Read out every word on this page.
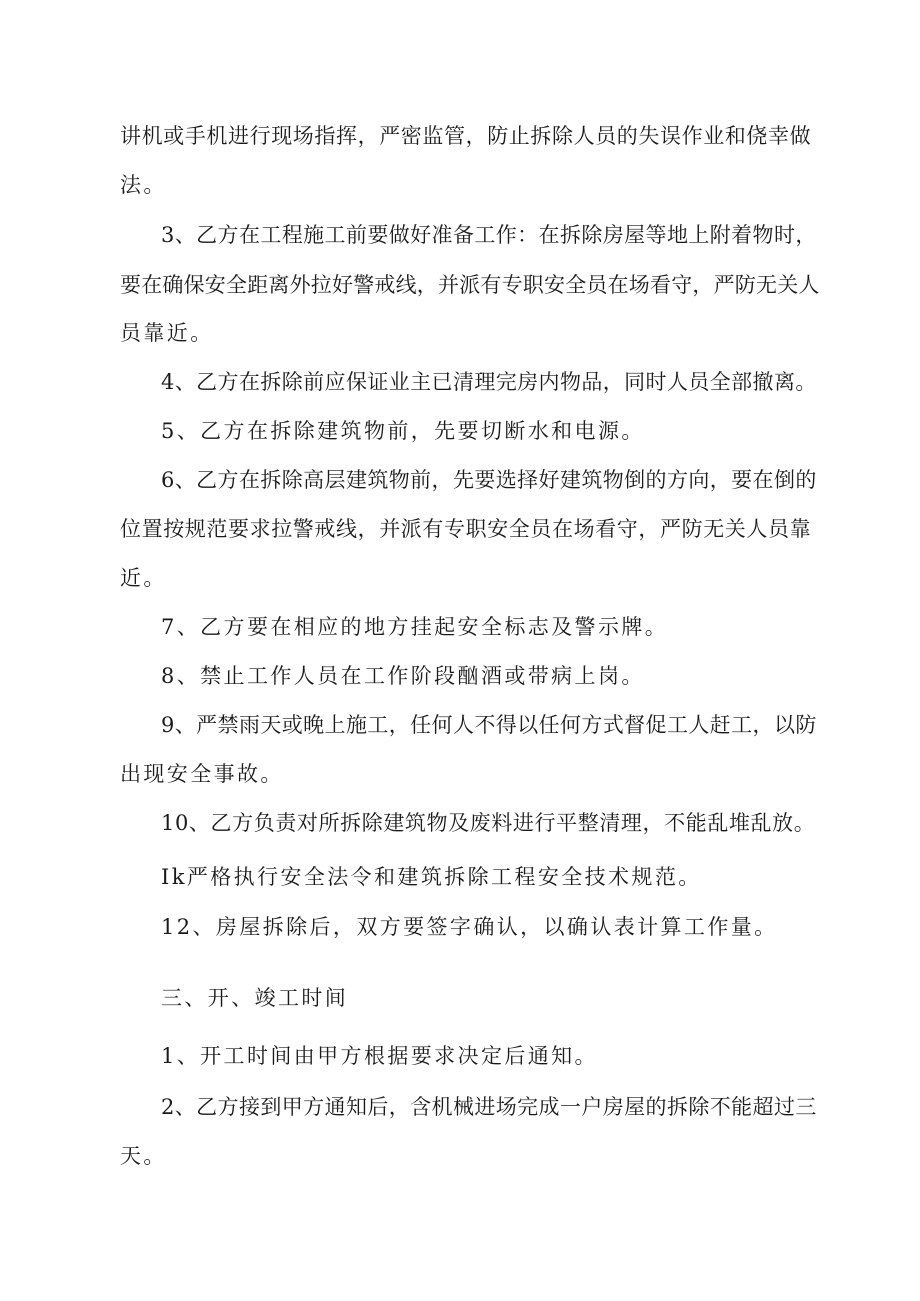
讲机或手机进行现场指挥，严密监管，防止拆除人员的失误作业和侥幸做
法。
3、乙方在工程施工前要做好准备工作：在拆除房屋等地上附着物时，
要在确保安全距离外拉好警戒线，并派有专职安全员在场看守，严防无关人
员靠近。
4、乙方在拆除前应保证业主已清理完房内物品，同时人员全部撤离。
5、乙方在拆除建筑物前，先要切断水和电源。
6、乙方在拆除高层建筑物前，先要选择好建筑物倒的方向，要在倒的
位置按规范要求拉警戒线，并派有专职安全员在场看守，严防无关人员靠
近。
7、乙方要在相应的地方挂起安全标志及警示牌。
8、禁止工作人员在工作阶段酗酒或带病上岗。
9、严禁雨天或晚上施工，任何人不得以任何方式督促工人赶工，以防
出现安全事故。
10、乙方负责对所拆除建筑物及废料进行平整清理，不能乱堆乱放。
Ik严格执行安全法令和建筑拆除工程安全技术规范。
12、房屋拆除后，双方要签字确认，以确认表计算工作量。
三、开、竣工时间
1、开工时间由甲方根据要求决定后通知。
2、乙方接到甲方通知后，含机械进场完成一户房屋的拆除不能超过三
天。
